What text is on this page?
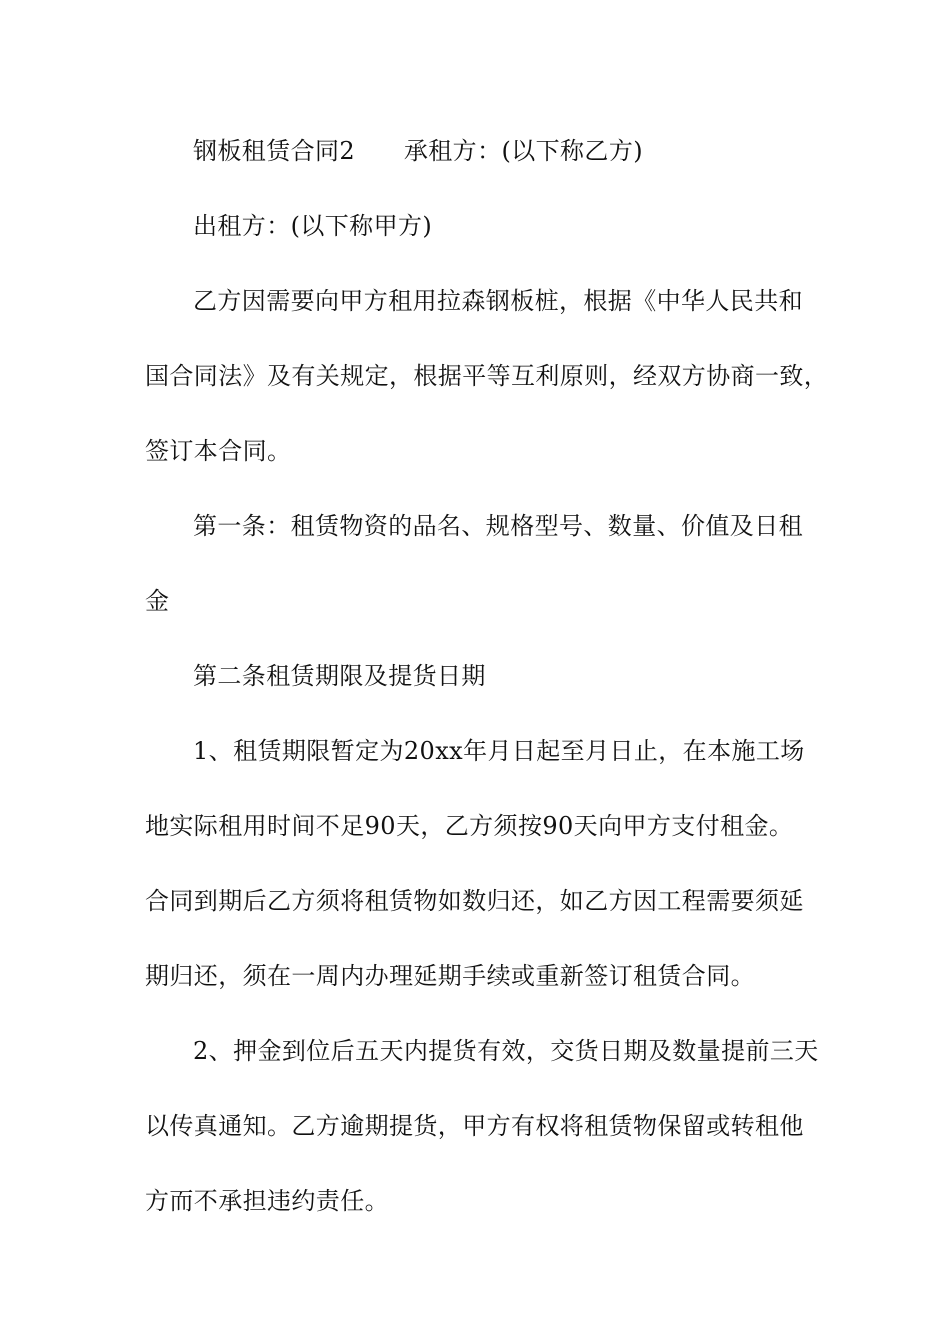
钢板租赁合同2　　承租方：(以下称乙方)
出租方：(以下称甲方)
乙方因需要向甲方租用拉森钢板桩，根据《中华人民共和
国合同法》及有关规定，根据平等互利原则，经双方协商一致，
签订本合同。
第一条：租赁物资的品名、规格型号、数量、价值及日租
金
第二条租赁期限及提货日期
1、租赁期限暂定为20xx年月日起至月日止，在本施工场
地实际租用时间不足90天，乙方须按90天向甲方支付租金。
合同到期后乙方须将租赁物如数归还，如乙方因工程需要须延
期归还，须在一周内办理延期手续或重新签订租赁合同。
2、押金到位后五天内提货有效，交货日期及数量提前三天
以传真通知。乙方逾期提货，甲方有权将租赁物保留或转租他
方而不承担违约责任。
